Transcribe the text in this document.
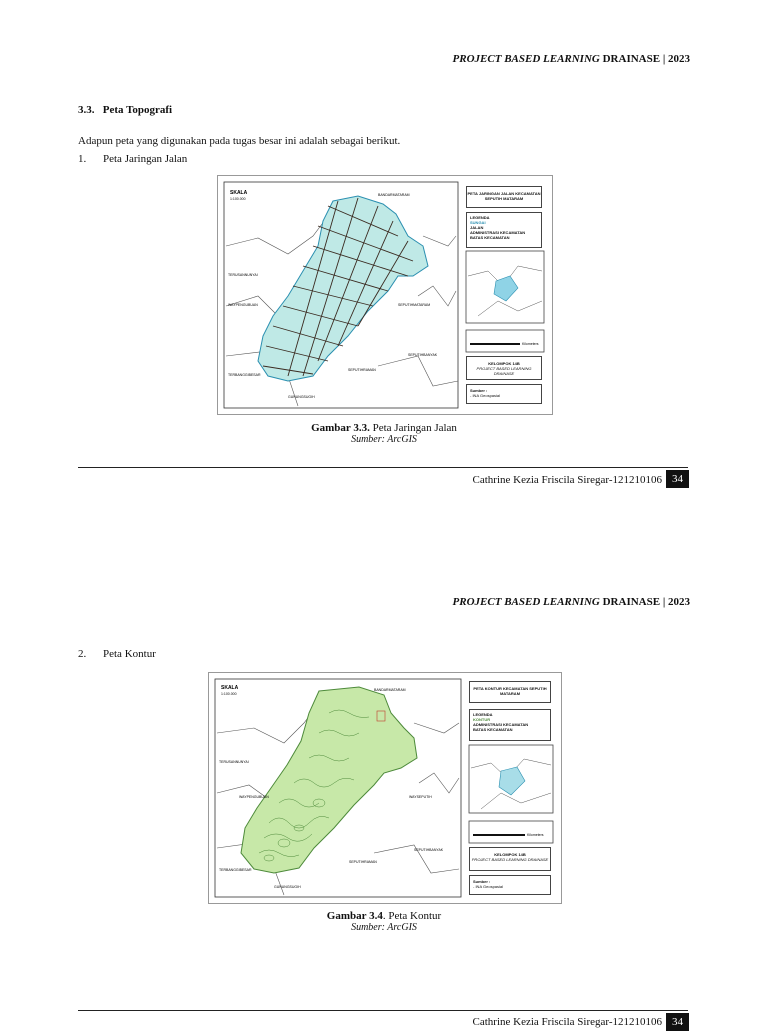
PROJECT BASED LEARNING DRAINASE | 2023
3.3.   Peta Topografi
Adapun peta yang digunakan pada tugas besar ini adalah sebagai berikut.
1. Peta Jaringan Jalan
SKALA
1:100.000
BANDARMATARAM
TERUSANNUNYAI
WAYPENGUBUAN	SEPUTIHMATARAM
TERBANGGIBESAR
SEPUTIHBANYAK
SEPUTIHRAMAN
GUNUNGSUGIH
Kilometers
PETA JARINGAN JALAN KECAMATAN SEPUTIH MATARAM
LEGENDA
SUNGAI
JALAN
ADMINISTRASI KECAMATAN
BATAS KECAMATAN
KELOMPOK 14B
PROJECT BASED LEARNING DRAINASE
Sumber :
- INA Geospasial
Gambar 3.3. Peta Jaringan Jalan
Sumber: ArcGIS
Cathrine Kezia Friscila Siregar-121210106 34
PROJECT BASED LEARNING DRAINASE | 2023
2. Peta Kontur
SKALA
1:100.000
BANDARMATARAM
TERUSANNUNYAI
WAYPENGUBUAN	WAYSEPUTIH
TERBANGGIBESAR
SEPUTIHBANYAK
SEPUTIHRAMAN
GUNUNGSUGIH
Kilometers
PETA KONTUR KECAMATAN SEPUTIH MATARAM
LEGENDA
KONTUR
ADMINISTRASI KECAMATAN
BATAS KECAMATAN
KELOMPOK 14B
PROJECT BASED LEARNING DRAINASE
Sumber :
- INA Geospasial
Gambar 3.4. Peta Kontur
Sumber: ArcGIS
Cathrine Kezia Friscila Siregar-121210106 34
